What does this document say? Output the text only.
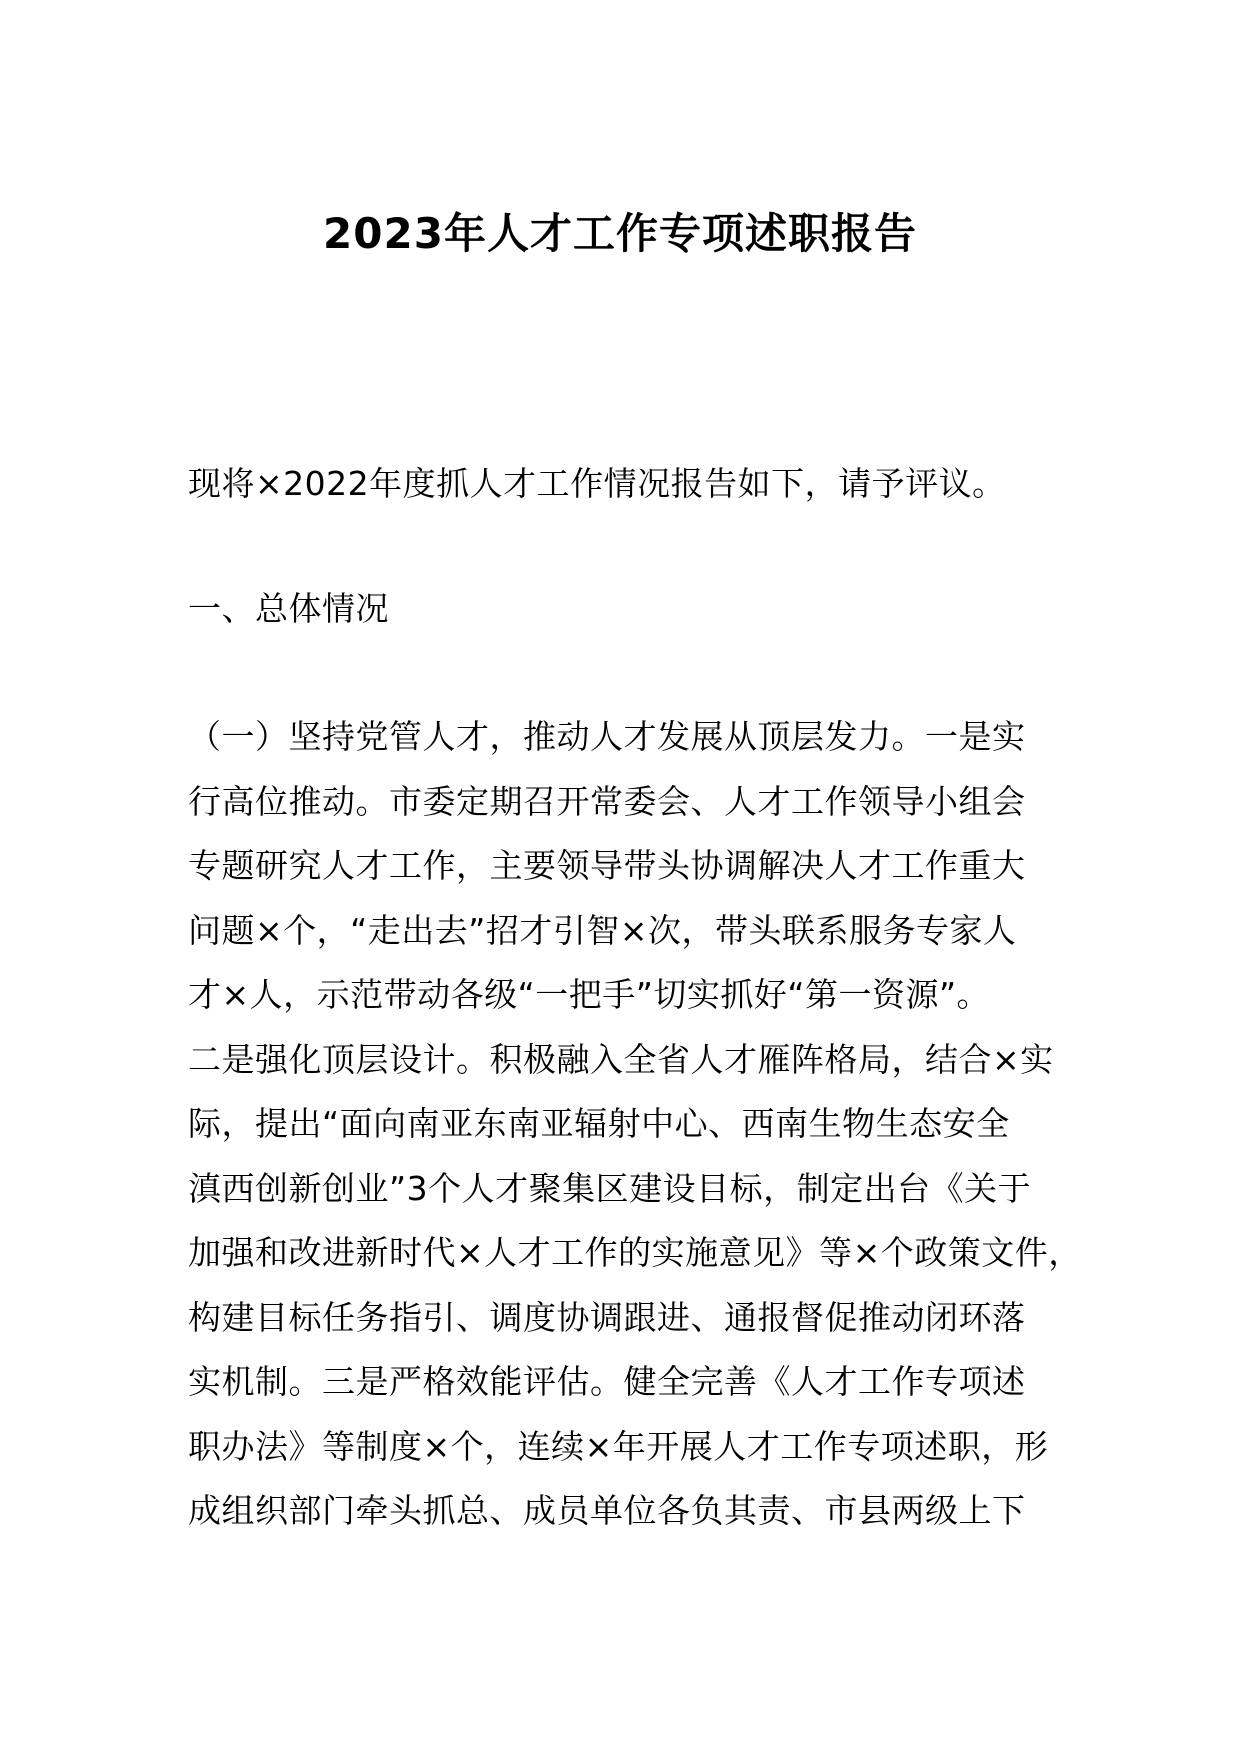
2023年人才工作专项述职报告

现将×2022年度抓人才工作情况报告如下，请予评议。

一、总体情况

（一）坚持党管人才，推动人才发展从顶层发力。一是实
行高位推动。市委定期召开常委会、人才工作领导小组会
专题研究人才工作，主要领导带头协调解决人才工作重大
问题×个，“走出去”招才引智×次，带头联系服务专家人
才×人，示范带动各级“一把手”切实抓好“第一资源”。
二是强化顶层设计。积极融入全省人才雁阵格局，结合×实
际，提出“面向南亚东南亚辐射中心、西南生物生态安全
滇西创新创业”3个人才聚集区建设目标，制定出台《关于
加强和改进新时代×人才工作的实施意见》等×个政策文件，
构建目标任务指引、调度协调跟进、通报督促推动闭环落
实机制。三是严格效能评估。健全完善《人才工作专项述
职办法》等制度×个，连续×年开展人才工作专项述职，形
成组织部门牵头抓总、成员单位各负其责、市县两级上下
